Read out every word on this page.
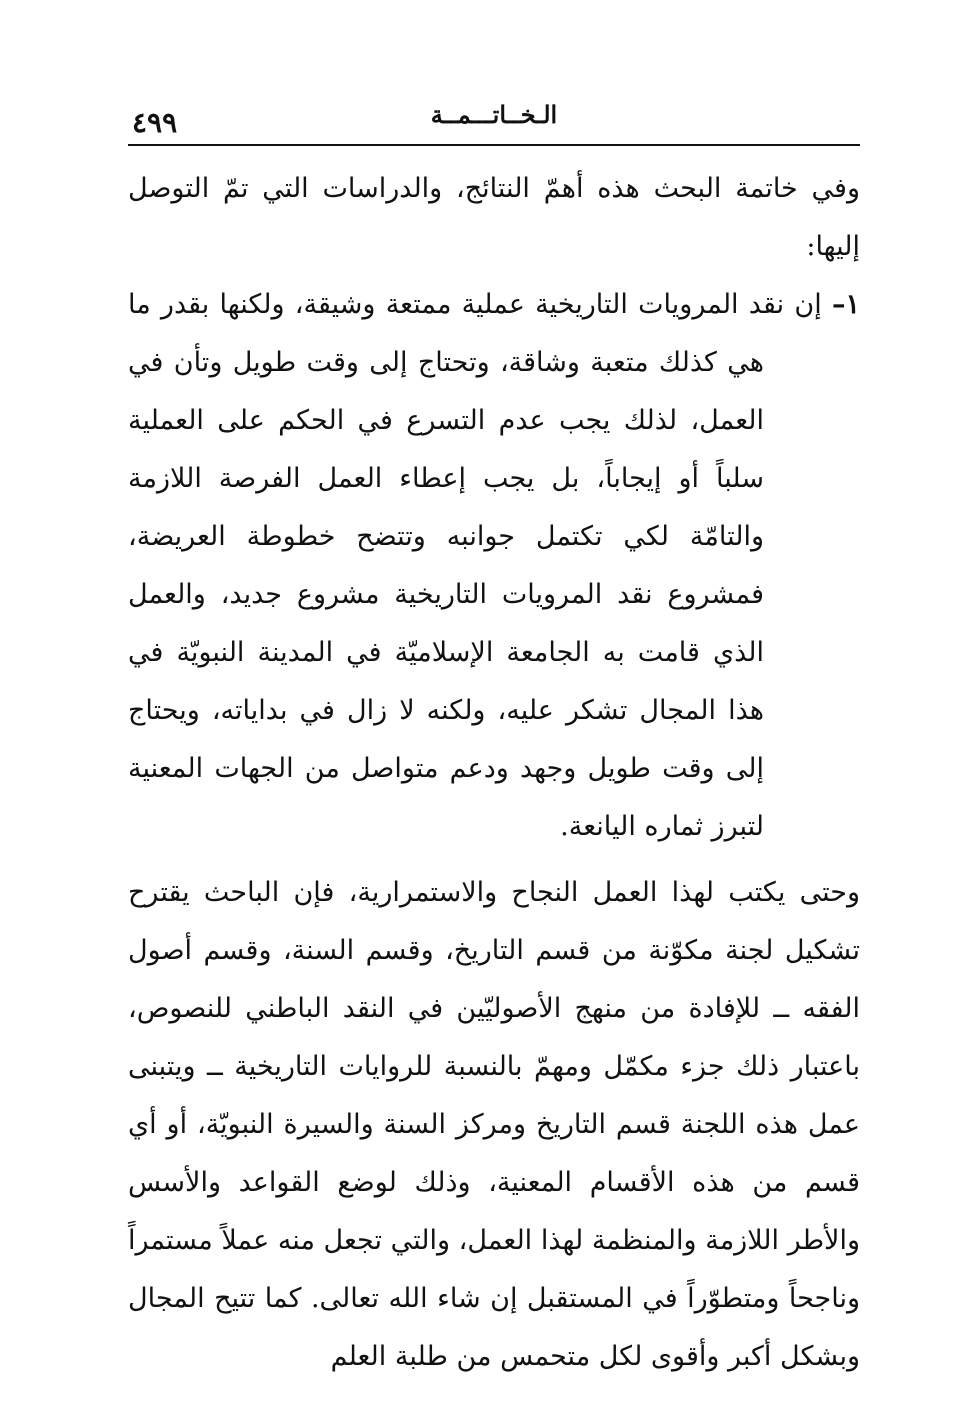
٤٩٩	الـخــاتـــمــة

وفي خاتمة البحث هذه أهمّ النتائج، والدراسات التي تمّ التوصل إليها:

١– إن نقد المرويات التاريخية عملية ممتعة وشيقة، ولكنها بقدر ما هي كذلك متعبة وشاقة، وتحتاج إلى وقت طويل وتأن في العمل، لذلك يجب عدم التسرع في الحكم على العملية سلباً أو إيجاباً، بل يجب إعطاء العمل الفرصة اللازمة والتامّة لكي تكتمل جوانبه وتتضح خطوطة العريضة، فمشروع نقد المرويات التاريخية مشروع جديد، والعمل الذي قامت به الجامعة الإسلاميّة في المدينة النبويّة في هذا المجال تشكر عليه، ولكنه لا زال في بداياته، ويحتاج إلى وقت طويل وجهد ودعم متواصل من الجهات المعنية لتبرز ثماره اليانعة.

وحتى يكتب لهذا العمل النجاح والاستمرارية، فإن الباحث يقترح تشكيل لجنة مكوّنة من قسم التاريخ، وقسم السنة، وقسم أصول الفقه ــ للإفادة من منهج الأصوليّين في النقد الباطني للنصوص، باعتبار ذلك جزء مكمّل ومهمّ بالنسبة للروايات التاريخية ــ ويتبنى عمل هذه اللجنة قسم التاريخ ومركز السنة والسيرة النبويّة، أو أي قسم من هذه الأقسام المعنية، وذلك لوضع القواعد والأسس والأطر اللازمة والمنظمة لهذا العمل، والتي تجعل منه عملاً مستمراً وناجحاً ومتطوّراً في المستقبل إن شاء الله تعالى. كما تتيح المجال وبشكل أكبر وأقوى لكل متحمس من طلبة العلم
